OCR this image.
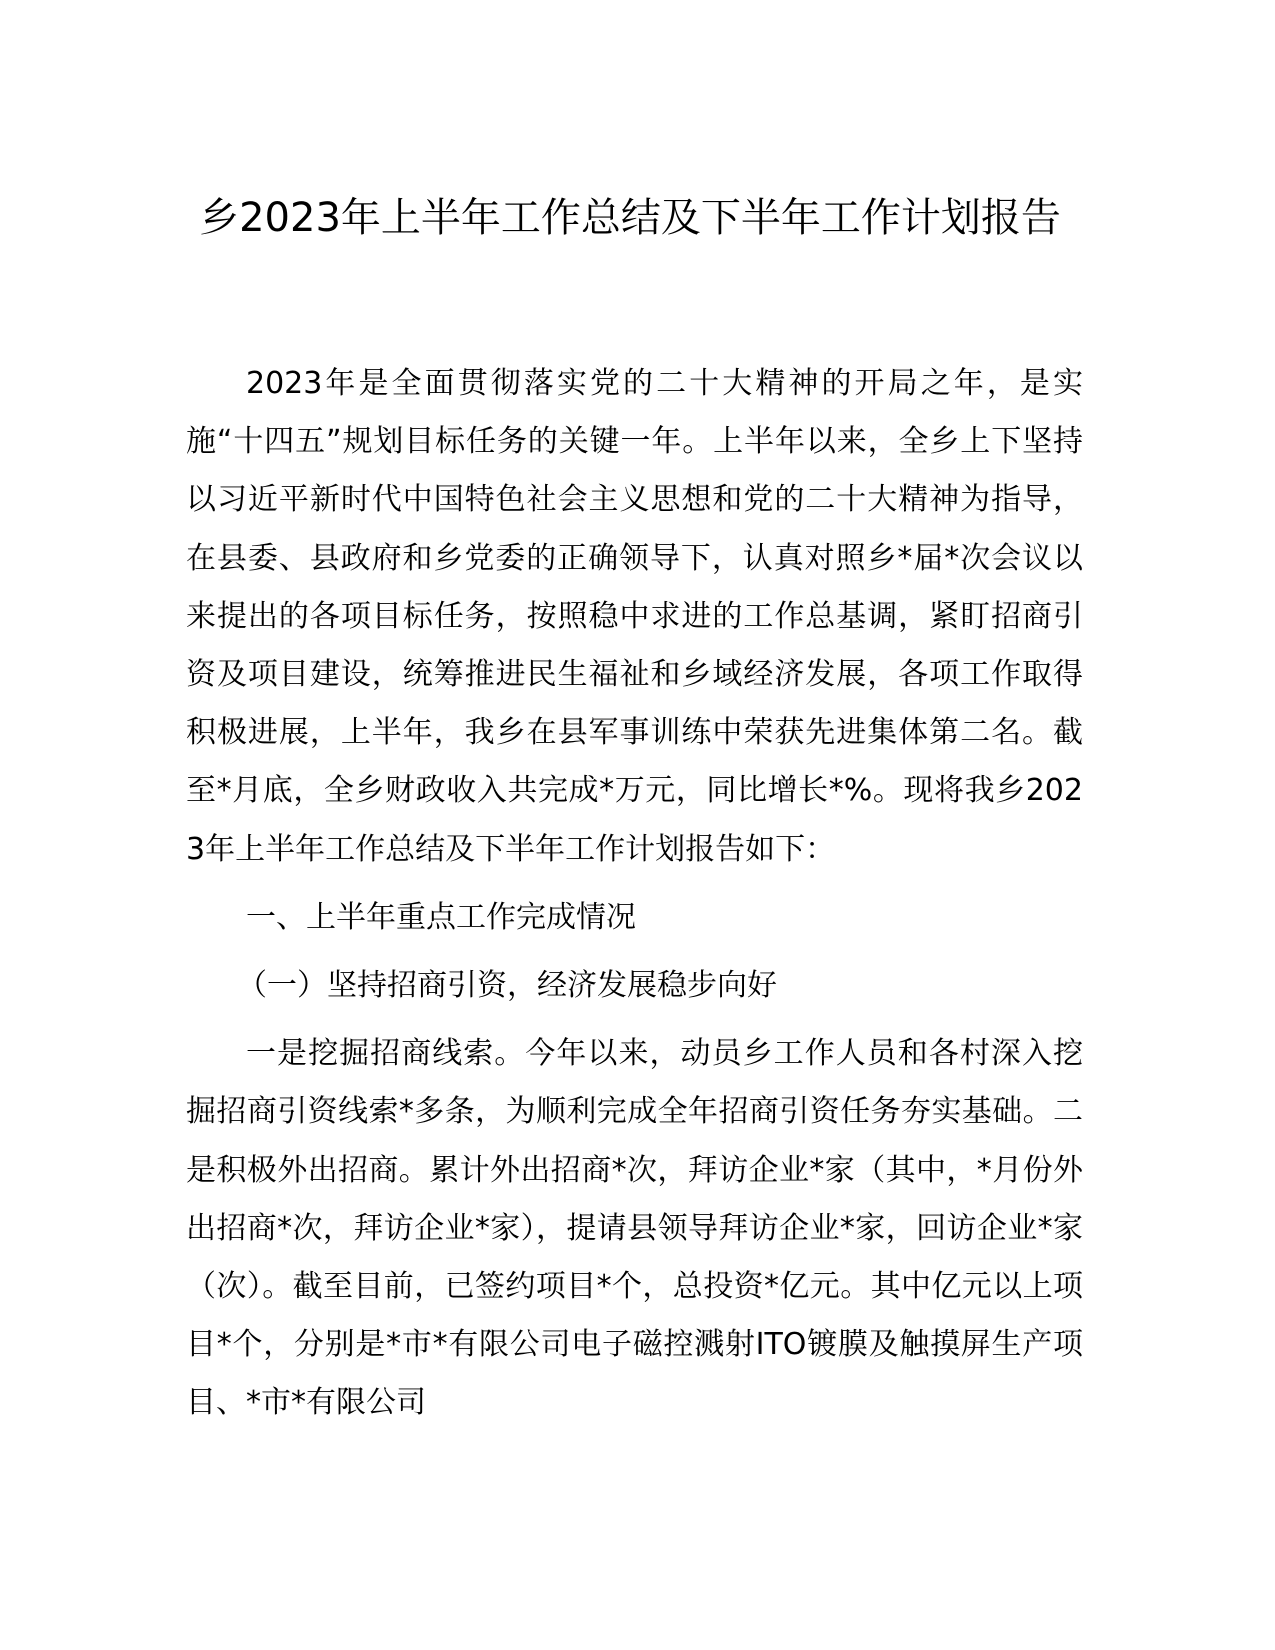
乡2023年上半年工作总结及下半年工作计划报告

2023年是全面贯彻落实党的二十大精神的开局之年，是实施“十四五”规划目标任务的关键一年。上半年以来，全乡上下坚持以习近平新时代中国特色社会主义思想和党的二十大精神为指导，在县委、县政府和乡党委的正确领导下，认真对照乡*届*次会议以来提出的各项目标任务，按照稳中求进的工作总基调，紧盯招商引资及项目建设，统筹推进民生福祉和乡域经济发展，各项工作取得积极进展，上半年，我乡在县军事训练中荣获先进集体第二名。截至*月底，全乡财政收入共完成*万元，同比增长*%。现将我乡2023年上半年工作总结及下半年工作计划报告如下：

一、上半年重点工作完成情况

（一）坚持招商引资，经济发展稳步向好

一是挖掘招商线索。今年以来，动员乡工作人员和各村深入挖掘招商引资线索*多条，为顺利完成全年招商引资任务夯实基础。二是积极外出招商。累计外出招商*次，拜访企业*家（其中，*月份外出招商*次，拜访企业*家），提请县领导拜访企业*家，回访企业*家（次）。截至目前，已签约项目*个，总投资*亿元。其中亿元以上项目*个，分别是*市*有限公司电子磁控溅射ITO镀膜及触摸屏生产项目、*市*有限公司
